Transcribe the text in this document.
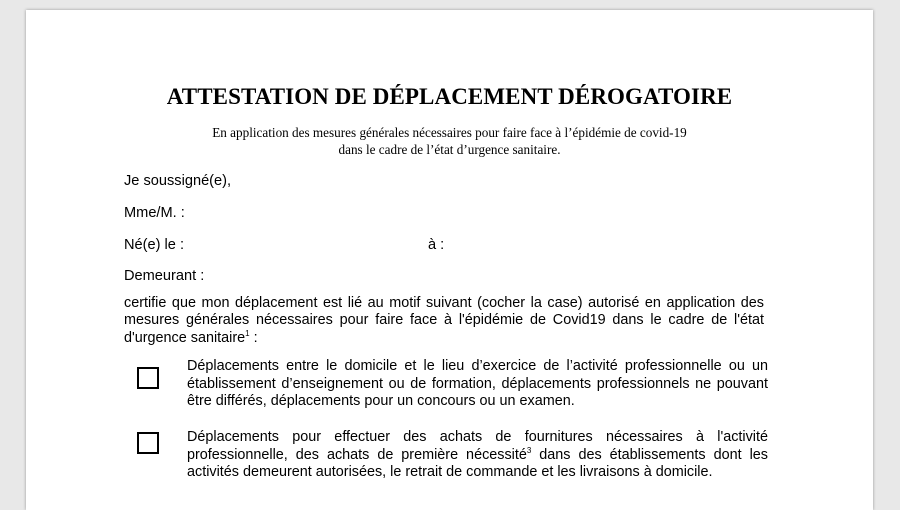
ATTESTATION DE DÉPLACEMENT DÉROGATOIRE
En application des mesures générales nécessaires pour faire face à l’épidémie de covid-19
dans le cadre de l’état d’urgence sanitaire.
Je soussigné(e),
Mme/M. :
Né(e) le :	à :
Demeurant :
certifie que mon déplacement est lié au motif suivant (cocher la case) autorisé en application des mesures générales nécessaires pour faire face à l'épidémie de Covid19 dans le cadre de l'état d'urgence sanitaire$^1$ :
Déplacements entre le domicile et le lieu d’exercice de l’activité professionnelle ou un établissement d’enseignement ou de formation, déplacements professionnels ne pouvant être différés, déplacements pour un concours ou un examen.
Déplacements pour effectuer des achats de fournitures nécessaires à l'activité professionnelle, des achats de première nécessité$^3$ dans des établissements dont les activités demeurent autorisées, le retrait de commande et les livraisons à domicile.
